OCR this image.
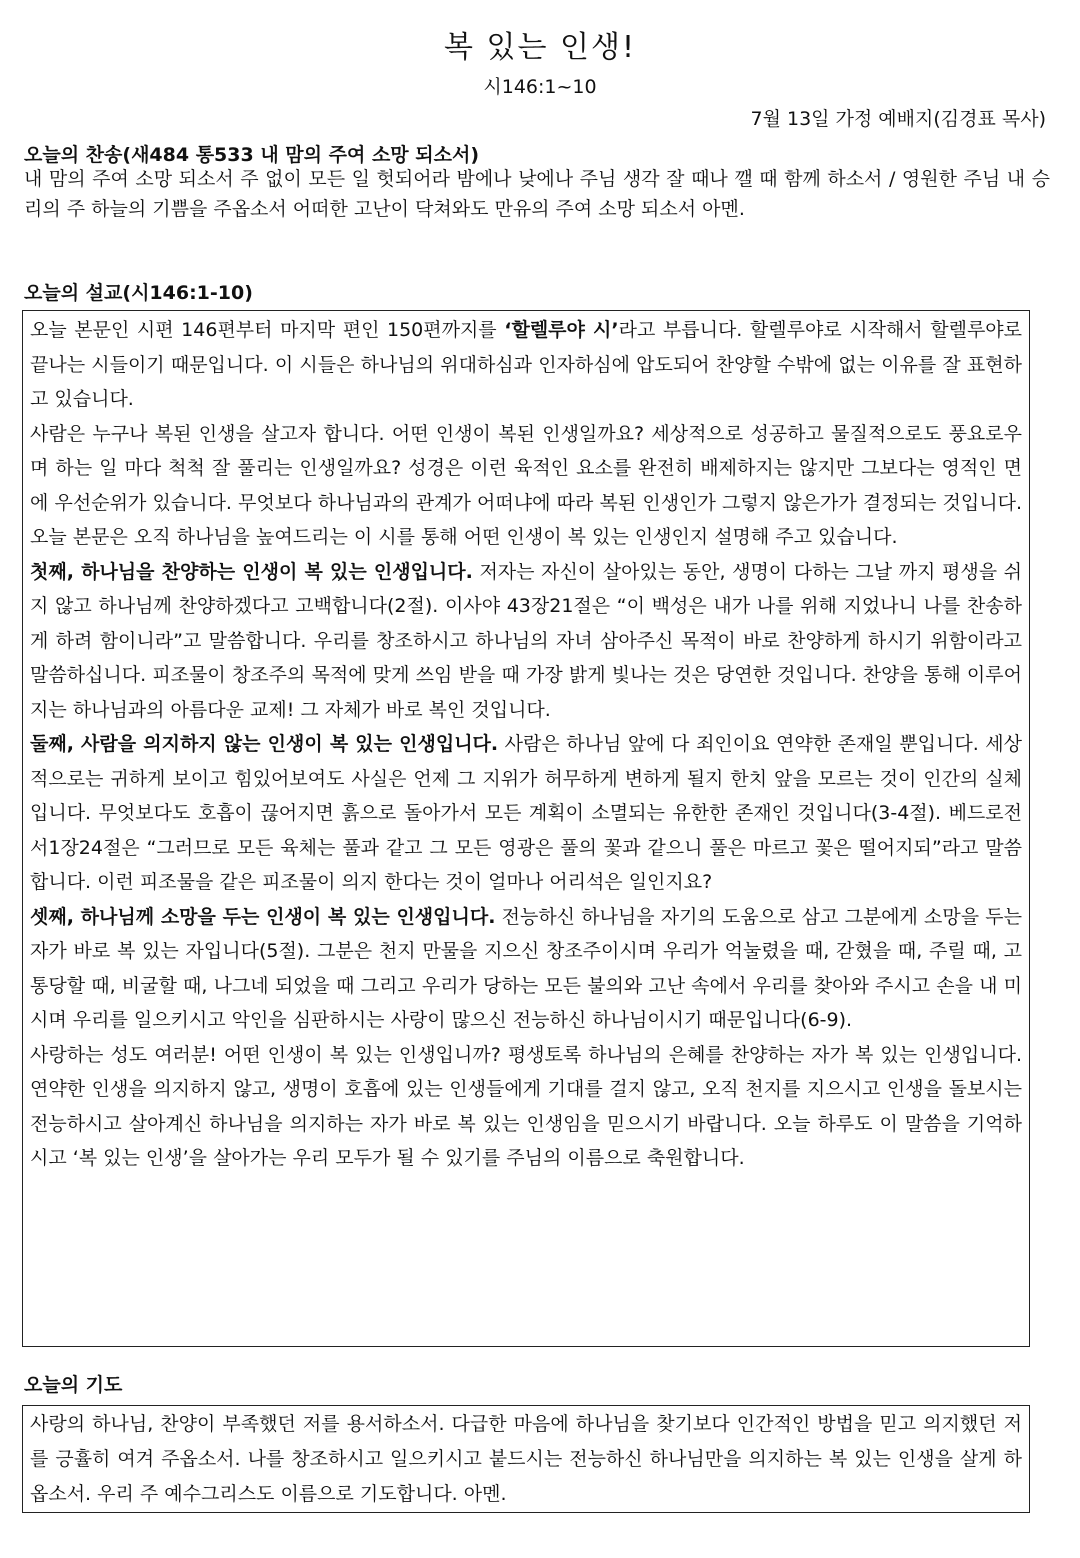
복 있는 인생!
시146:1~10
7월 13일 가정 예배지(김경표 목사)
오늘의 찬송(새484 통533 내 맘의 주여 소망 되소서)

내 맘의 주여 소망 되소서 주 없이 모든 일 헛되어라 밤에나 낮에나 주님 생각 잘 때나 깰 때 함께 하소서 / 영원한 주님 내 승리의 주 하늘의 기쁨을 주옵소서 어떠한 고난이 닥쳐와도 만유의 주여 소망 되소서 아멘.

오늘의 설교(시146:1-10)

오늘 본문인 시편 146편부터 마지막 편인 150편까지를 ‘할렐루야 시’라고 부릅니다. 할렐루야로 시작해서 할렐루야로 끝나는 시들이기 때문입니다. 이 시들은 하나님의 위대하심과 인자하심에 압도되어 찬양할 수밖에 없는 이유를 잘 표현하고 있습니다.

사람은 누구나 복된 인생을 살고자 합니다. 어떤 인생이 복된 인생일까요? 세상적으로 성공하고 물질적으로도 풍요로우며 하는 일 마다 척척 잘 풀리는 인생일까요? 성경은 이런 육적인 요소를 완전히 배제하지는 않지만 그보다는 영적인 면에 우선순위가 있습니다. 무엇보다 하나님과의 관계가 어떠냐에 따라 복된 인생인가 그렇지 않은가가 결정되는 것입니다. 오늘 본문은 오직 하나님을 높여드리는 이 시를 통해 어떤 인생이 복 있는 인생인지 설명해 주고 있습니다.

첫째, 하나님을 찬양하는 인생이 복 있는 인생입니다. 저자는 자신이 살아있는 동안, 생명이 다하는 그날 까지 평생을 쉬지 않고 하나님께 찬양하겠다고 고백합니다(2절). 이사야 43장21절은 “이 백성은 내가 나를 위해 지었나니 나를 찬송하게 하려 함이니라”고 말씀합니다. 우리를 창조하시고 하나님의 자녀 삼아주신 목적이 바로 찬양하게 하시기 위함이라고 말씀하십니다. 피조물이 창조주의 목적에 맞게 쓰임 받을 때 가장 밝게 빛나는 것은 당연한 것입니다. 찬양을 통해 이루어지는 하나님과의 아름다운 교제! 그 자체가 바로 복인 것입니다.

둘째, 사람을 의지하지 않는 인생이 복 있는 인생입니다. 사람은 하나님 앞에 다 죄인이요 연약한 존재일 뿐입니다. 세상적으로는 귀하게 보이고 힘있어보여도 사실은 언제 그 지위가 허무하게 변하게 될지 한치 앞을 모르는 것이 인간의 실체입니다. 무엇보다도 호흡이 끊어지면 흙으로 돌아가서 모든 계획이 소멸되는 유한한 존재인 것입니다(3-4절). 베드로전서1장24절은 “그러므로 모든 육체는 풀과 같고 그 모든 영광은 풀의 꽃과 같으니 풀은 마르고 꽃은 떨어지되”라고 말씀합니다. 이런 피조물을 같은 피조물이 의지 한다는 것이 얼마나 어리석은 일인지요?

셋째, 하나님께 소망을 두는 인생이 복 있는 인생입니다. 전능하신 하나님을 자기의 도움으로 삼고 그분에게 소망을 두는 자가 바로 복 있는 자입니다(5절). 그분은 천지 만물을 지으신 창조주이시며 우리가 억눌렸을 때, 갇혔을 때, 주릴 때, 고통당할 때, 비굴할 때, 나그네 되었을 때 그리고 우리가 당하는 모든 불의와 고난 속에서 우리를 찾아와 주시고 손을 내 미시며 우리를 일으키시고 악인을 심판하시는 사랑이 많으신 전능하신 하나님이시기 때문입니다(6-9).

사랑하는 성도 여러분! 어떤 인생이 복 있는 인생입니까? 평생토록 하나님의 은혜를 찬양하는 자가 복 있는 인생입니다. 연약한 인생을 의지하지 않고, 생명이 호흡에 있는 인생들에게 기대를 걸지 않고, 오직 천지를 지으시고 인생을 돌보시는 전능하시고 살아계신 하나님을 의지하는 자가 바로 복 있는 인생임을 믿으시기 바랍니다. 오늘 하루도 이 말씀을 기억하시고 ‘복 있는 인생’을 살아가는 우리 모두가 될 수 있기를 주님의 이름으로 축원합니다.

오늘의 기도

사랑의 하나님, 찬양이 부족했던 저를 용서하소서. 다급한 마음에 하나님을 찾기보다 인간적인 방법을 믿고 의지했던 저를 긍휼히 여겨 주옵소서. 나를 창조하시고 일으키시고 붙드시는 전능하신 하나님만을 의지하는 복 있는 인생을 살게 하옵소서. 우리 주 예수그리스도 이름으로 기도합니다. 아멘.
